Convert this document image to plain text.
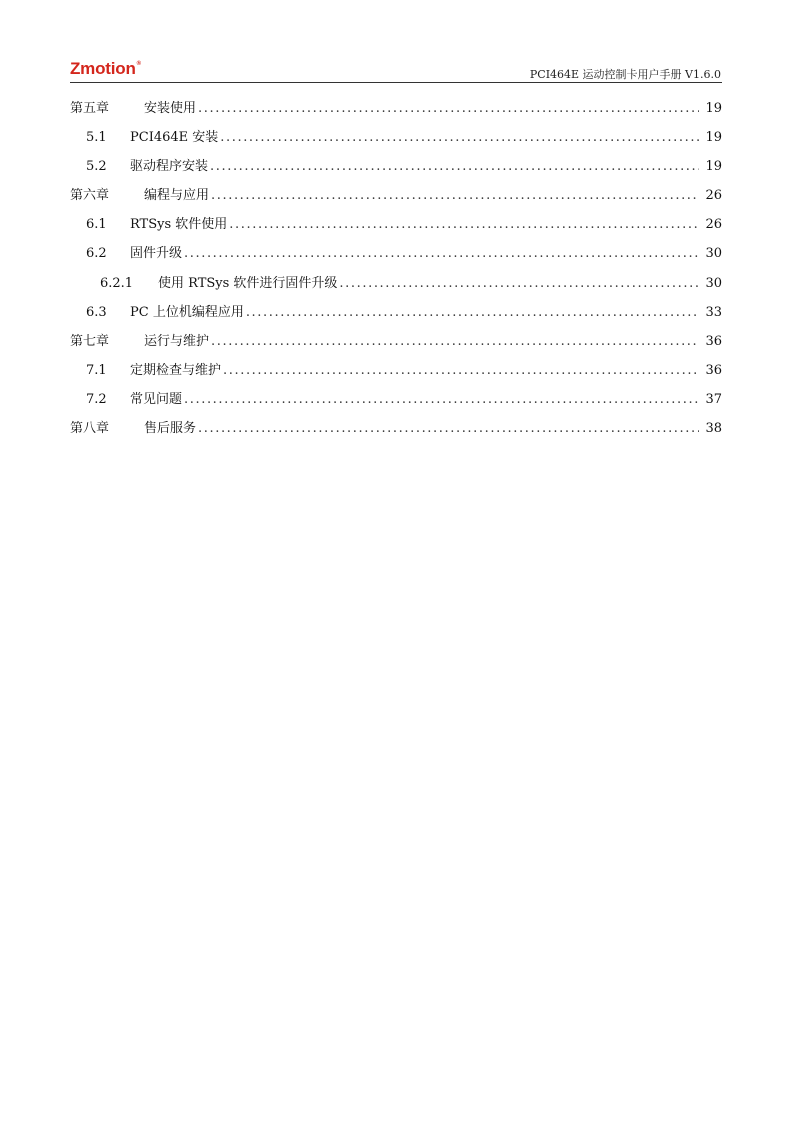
Zmotion®
PCI464E 运动控制卡用户手册 V1.6.0
第五章	安装使用 .....	19
5.1	PCI464E 安装 .....	19
5.2	驱动程序安装 .....	19
第六章	编程与应用 .....	26
6.1	RTSys 软件使用 .....	26
6.2	固件升级 .....	30
6.2.1	使用 RTSys 软件进行固件升级 .....	30
6.3	PC 上位机编程应用 .....	33
第七章	运行与维护 .....	36
7.1	定期检查与维护 .....	36
7.2	常见问题 .....	37
第八章	售后服务 .....	38
